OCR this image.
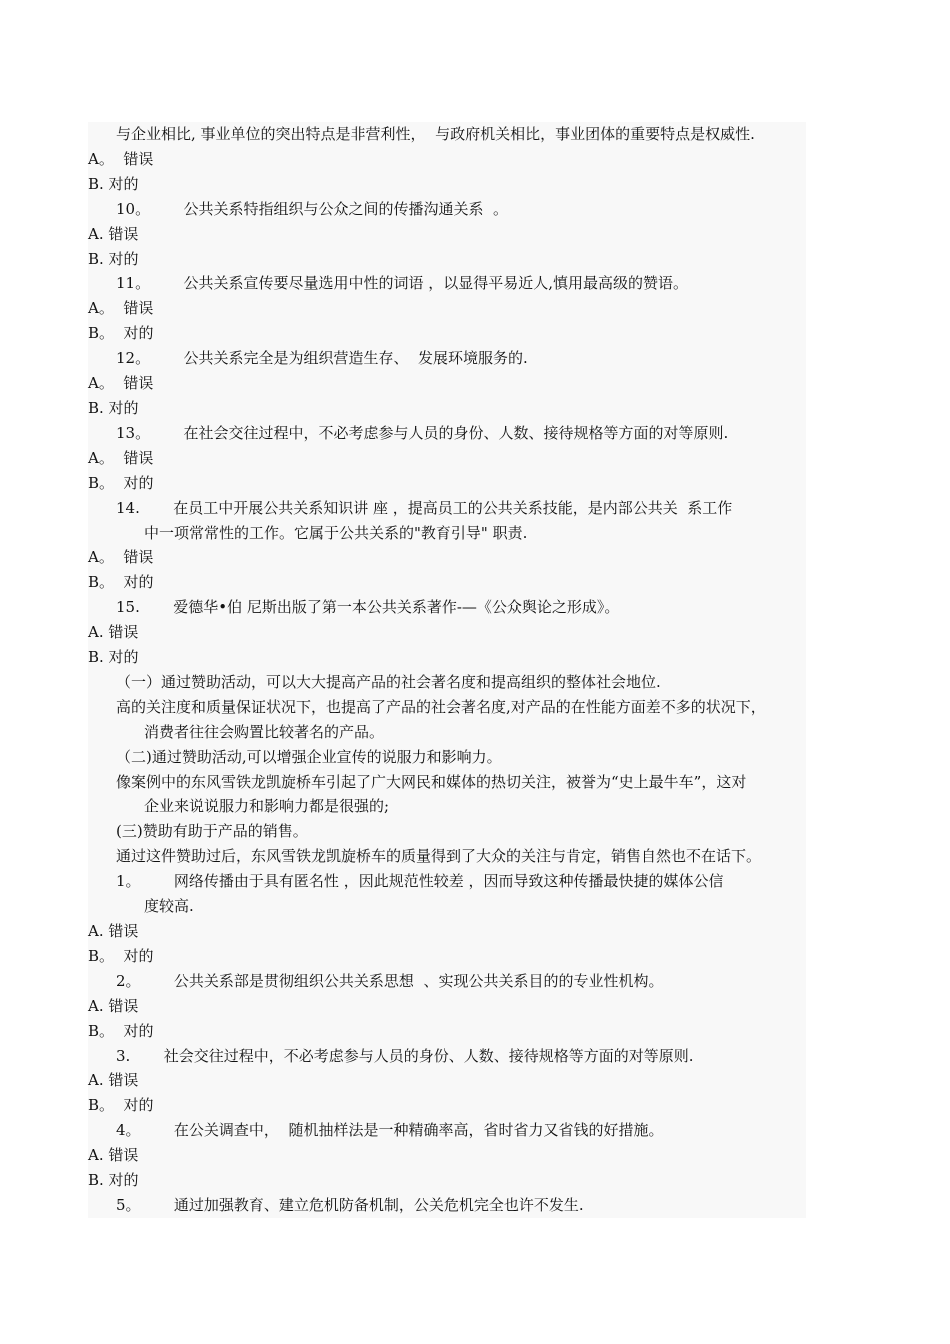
与企业相比, 事业单位的突出特点是非营利性，  与政府机关相比，事业团体的重要特点是权威性.
A。  错误
B. 对的
10。       公共关系特指组织与公众之间的传播沟通关系  。
A. 错误
B. 对的
11。       公共关系宣传要尽量选用中性的词语 ，以显得平易近人,慎用最高级的赞语。
A。  错误
B。  对的
12。       公共关系完全是为组织营造生存、  发展环境服务的.
A。  错误
B. 对的
13。       在社会交往过程中，不必考虑参与人员的身份、人数、接待规格等方面的对等原则.
A。  错误
B。  对的
14.       在员工中开展公共关系知识讲 座 ，提高员工的公共关系技能，是内部公共关  系工作
中一项常常性的工作。它属于公共关系的"教育引导" 职责.
A。  错误
B。  对的
15.       爱德华•伯 尼斯出版了第一本公共关系著作-—《公众舆论之形成》。
A. 错误
B. 对的
（一）通过赞助活动，可以大大提高产品的社会著名度和提高组织的整体社会地位.
高的关注度和质量保证状况下，也提高了产品的社会著名度,对产品的在性能方面差不多的状况下，
消费者往往会购置比较著名的产品。
（二)通过赞助活动,可以增强企业宣传的说服力和影响力。
像案例中的东风雪铁龙凯旋桥车引起了广大网民和媒体的热切关注，被誉为“史上最牛车”，这对
企业来说说服力和影响力都是很强的;
(三)赞助有助于产品的销售。
通过这件赞助过后，东风雪铁龙凯旋桥车的质量得到了大众的关注与肯定，销售自然也不在话下。
1。       网络传播由于具有匿名性 ，因此规范性较差 ，因而导致这种传播最快捷的媒体公信
度较高.
A. 错误
B。  对的
2。       公共关系部是贯彻组织公共关系思想  、实现公共关系目的的专业性机构。
A. 错误
B。  对的
3.       社会交往过程中，不必考虑参与人员的身份、人数、接待规格等方面的对等原则.
A. 错误
B。  对的
4。       在公关调查中，  随机抽样法是一种精确率高，省时省力又省钱的好措施。
A. 错误
B. 对的
5。       通过加强教育、建立危机防备机制，公关危机完全也许不发生.
